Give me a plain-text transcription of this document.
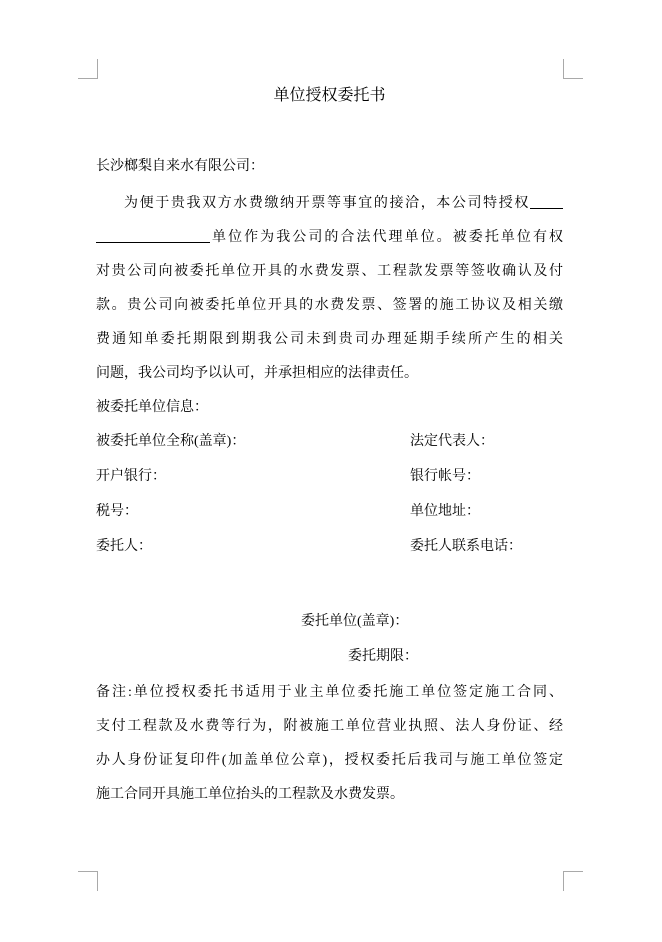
单位授权委托书
长沙榔梨自来水有限公司：
为便于贵我双方水费缴纳开票等事宜的接洽，本公司特授权
单位作为我公司的合法代理单位。被委托单位有权
对贵公司向被委托单位开具的水费发票、工程款发票等签收确认及付
款。贵公司向被委托单位开具的水费发票、签署的施工协议及相关缴
费通知单委托期限到期我公司未到贵司办理延期手续所产生的相关
问题，我公司均予以认可，并承担相应的法律责任。
被委托单位信息：
被委托单位全称(盖章)：	法定代表人：
开户银行：	银行帐号：
税号：	单位地址：
委托人：	委托人联系电话：
委托单位(盖章)：
委托期限：
备注:单位授权委托书适用于业主单位委托施工单位签定施工合同、
支付工程款及水费等行为，附被施工单位营业执照、法人身份证、经
办人身份证复印件(加盖单位公章)，授权委托后我司与施工单位签定
施工合同开具施工单位抬头的工程款及水费发票。
